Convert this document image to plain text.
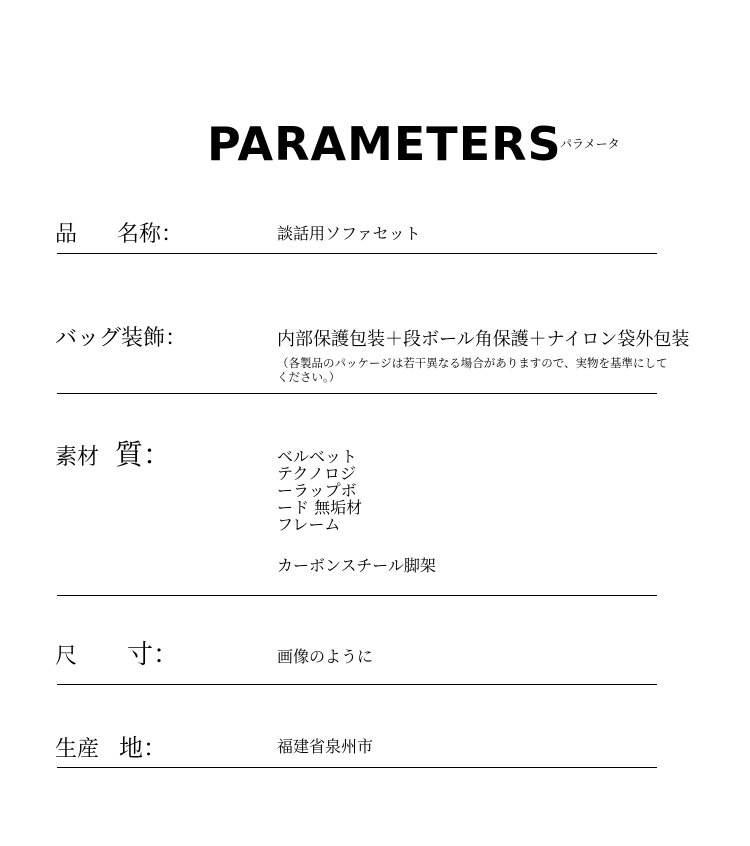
PARAMETERS
パラメータ
品 名称：	談話用ソファセット
バッグ装飾：	内部保護包装＋段ボール角保護＋ナイロン袋外包装
（各製品のパッケージは若干異なる場合がありますので、実物を基準にしてください。）
素材 質：	ベルベット
テクノロジ
ーラップボ
ード 無垢材
フレーム
カーボンスチール脚架
尺 寸：	画像のように
生産 地：	福建省泉州市
